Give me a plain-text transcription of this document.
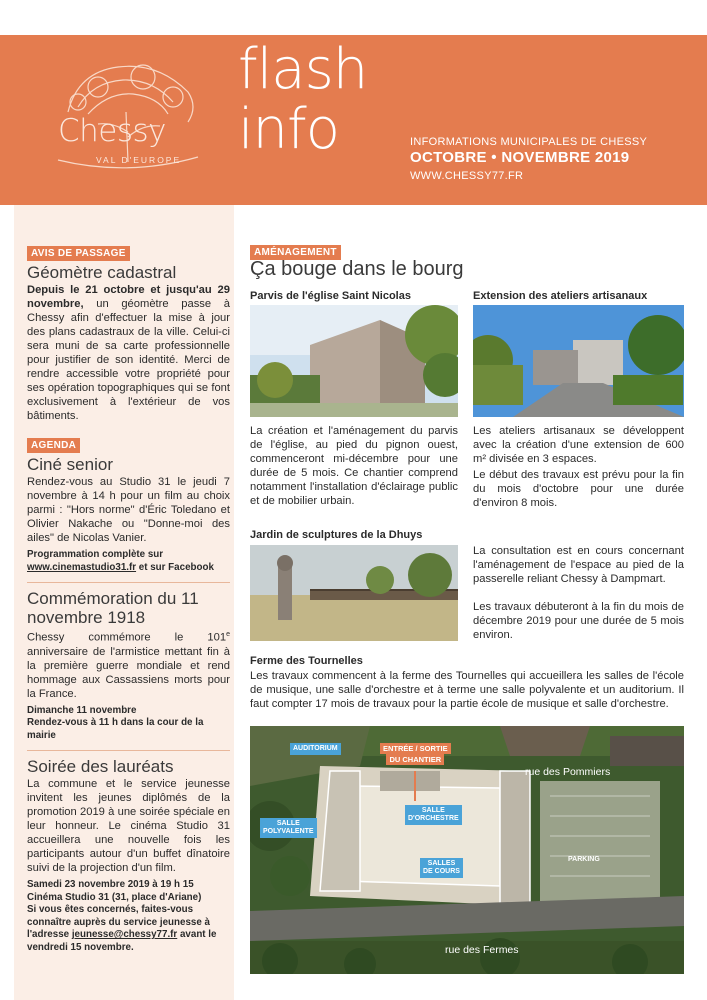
Chessy
VAL D'EUROPE
flash
info	INFORMATIONS MUNICIPALES DE CHESSY
OCTOBRE • NOVEMBRE 2019
WWW.CHESSY77.FR
AVIS DE PASSAGE
Géomètre cadastral

Depuis le 21 octobre et jusqu'au 29 novembre, un géomètre passe à Chessy afin d'effectuer la mise à jour des plans cadastraux de la ville. Celui-ci sera muni de sa carte professionnelle pour justifier de son identité. Merci de rendre accessible votre propriété pour ses opération topographiques qui se font exclusivement à l'extérieur de vos bâtiments.

AGENDA
Ciné senior

Rendez-vous au Studio 31 le jeudi 7 novembre à 14 h pour un film au choix parmi : "Hors norme" d'Éric Toledano et Olivier Nakache ou "Donne-moi des ailes" de Nicolas Vanier.

Programmation complète sur
www.cinemastudio31.fr et sur Facebook

Commémoration du 11 novembre 1918

Chessy commémore le 101e anniversaire de l'armistice mettant fin à la première guerre mondiale et rend hommage aux Cassassiens morts pour la France.

Dimanche 11 novembre
Rendez-vous à 11 h dans la cour de la mairie

Soirée des lauréats

La commune et le service jeunesse invitent les jeunes diplômés de la promotion 2019 à une soirée spéciale en leur honneur. Le cinéma Studio 31 accueillera une nouvelle fois les participants autour d'un buffet dînatoire suivi de la projection d'un film.

Samedi 23 novembre 2019 à 19 h 15
Cinéma Studio 31 (31, place d'Ariane)
Si vous êtes concernés, faites-vous connaître auprès du service jeunesse à l'adresse jeunesse@chessy77.fr avant le vendredi 15 novembre.

AMÉNAGEMENT
Ça bouge dans le bourg
Parvis de l'église Saint Nicolas

La création et l'aménagement du parvis de l'église, au pied du pignon ouest, commenceront mi-décembre pour une durée de 5 mois. Ce chantier comprend notamment l'installation d'éclairage public et de mobilier urbain.

Extension des ateliers artisanaux

Les ateliers artisanaux se développent avec la création d'une extension de 600 m² divisée en 3 espaces.

Le début des travaux est prévu pour la fin du mois d'octobre pour une durée d'environ 8 mois.

Jardin de sculptures de la Dhuys

La consultation est en cours concernant l'aménagement de l'espace au pied de la passerelle reliant Chessy à Dampmart.

Les travaux débuteront à la fin du mois de décembre 2019 pour une durée de 5 mois environ.

Ferme des Tournelles

Les travaux commencent à la ferme des Tournelles qui accueillera les salles de l'école de musique, une salle d'orchestre et à terme une salle polyvalente et un auditorium. Il faut compter 17 mois de travaux pour la partie école de musique et salle d'orchestre.

AUDITORIUM	ENTRÉE / SORTIE
DU CHANTIER
rue des Pommiers
SALLE
D'ORCHESTRE
SALLE
POLYVALENTE
SALLES
DE COURS
PARKING
rue des Fermes
